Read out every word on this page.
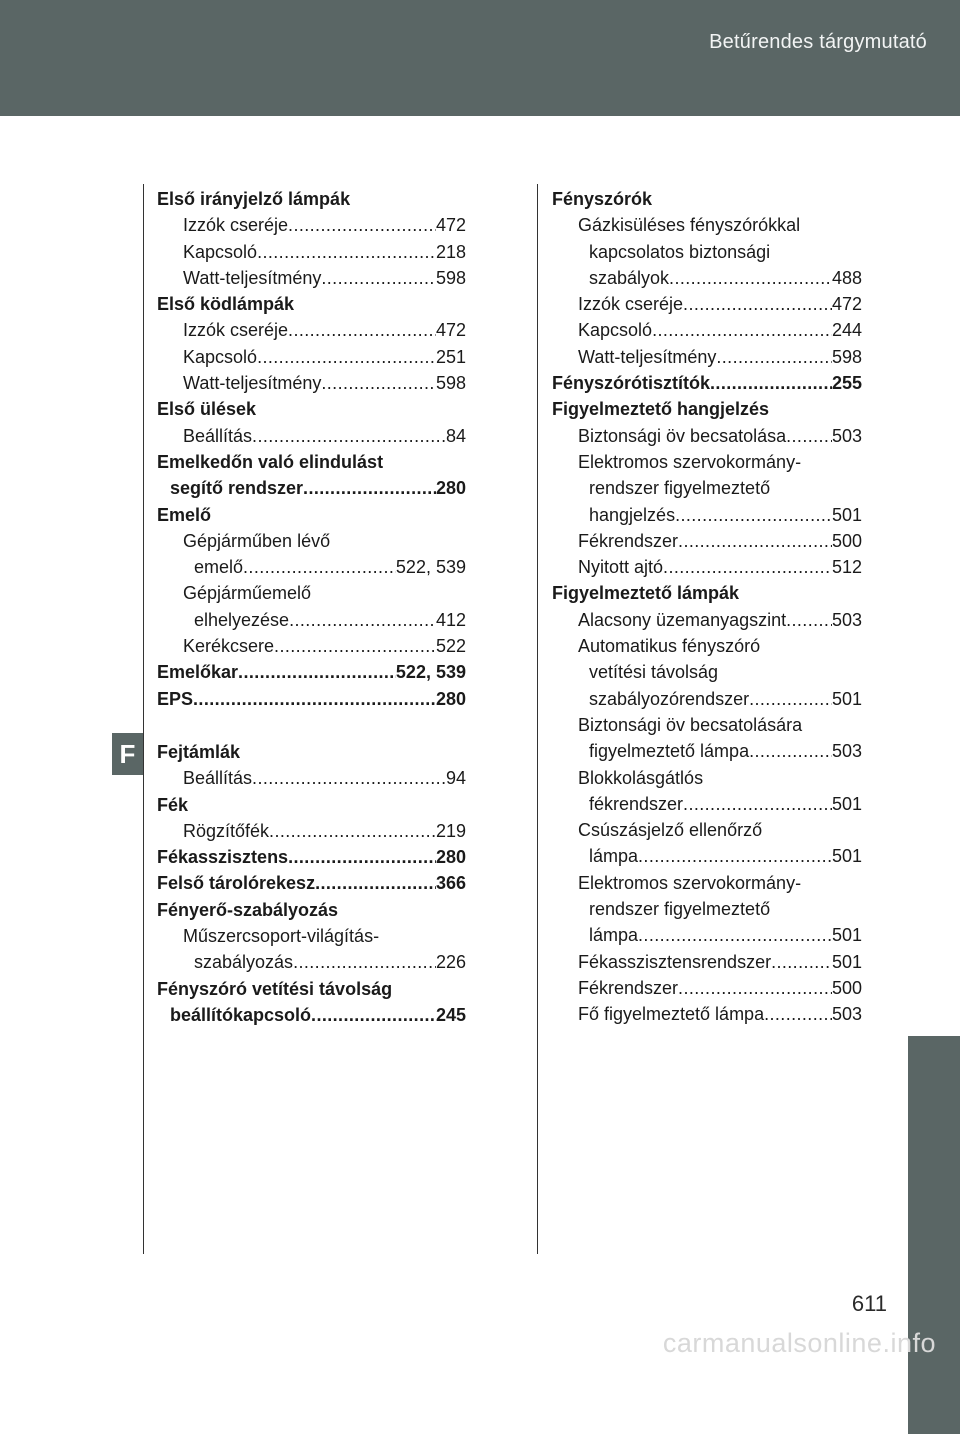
Betűrendes tárgymutató
F
Első irányjelző lámpák
Izzók cseréje .....	472
Kapcsoló .....	218
Watt-teljesítmény .....	598
Első ködlámpák
Izzók cseréje .....	472
Kapcsoló .....	251
Watt-teljesítmény .....	598
Első ülések
Beállítás .....	84
Emelkedőn való elindulást
segítő rendszer .....	280
Emelő
Gépjárműben lévő
emelő .....	522, 539
Gépjárműemelő
elhelyezése .....	412
Kerékcsere .....	522
Emelőkar .....	522, 539
EPS .....	280
Fejtámlák
Beállítás .....	94
Fék
Rögzítőfék .....	219
Fékasszisztens .....	280
Felső tárolórekesz .....	366
Fényerő-szabályozás
Műszercsoport-világítás-
szabályozás .....	226
Fényszóró vetítési távolság
beállítókapcsoló .....	245
Fényszórók
Gázkisüléses fényszórókkal
kapcsolatos biztonsági
szabályok .....	488
Izzók cseréje .....	472
Kapcsoló .....	244
Watt-teljesítmény .....	598
Fényszórótisztítók .....	255
Figyelmeztető hangjelzés
Biztonsági öv becsatolása .....	503
Elektromos szervokormány-
rendszer figyelmeztető
hangjelzés .....	501
Fékrendszer .....	500
Nyitott ajtó .....	512
Figyelmeztető lámpák
Alacsony üzemanyagszint .....	503
Automatikus fényszóró
vetítési távolság
szabályozórendszer .....	501
Biztonsági öv becsatolására
figyelmeztető lámpa .....	503
Blokkolásgátlós
fékrendszer .....	501
Csúszásjelző ellenőrző
lámpa .....	501
Elektromos szervokormány-
rendszer figyelmeztető
lámpa .....	501
Fékasszisztensrendszer .....	501
Fékrendszer .....	500
Fő figyelmeztető lámpa .....	503
611
carmanualsonline.info
